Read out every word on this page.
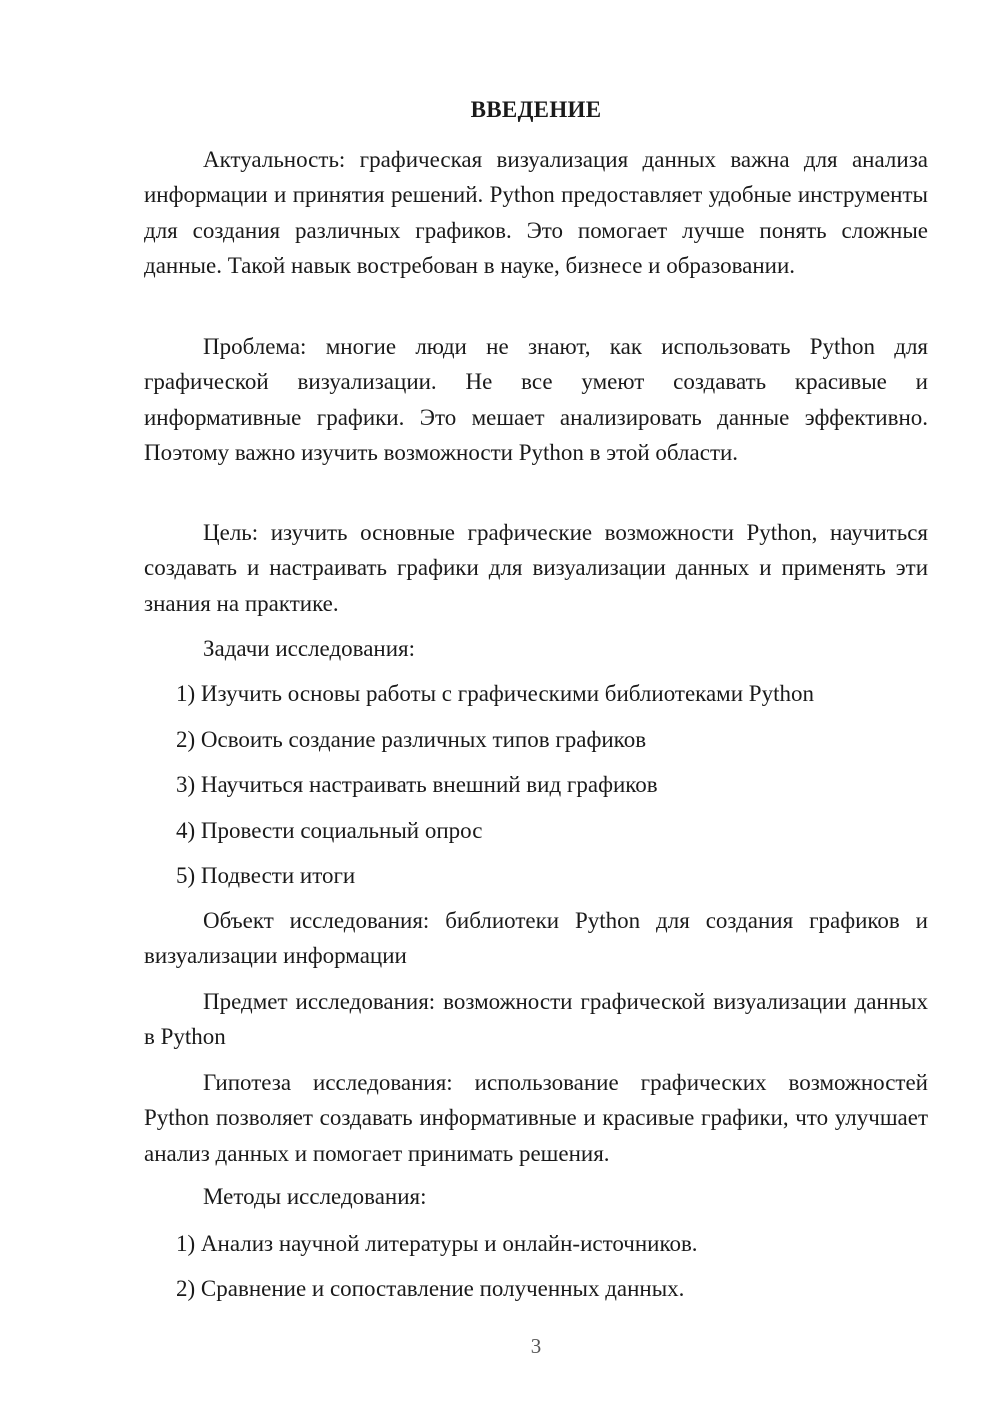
ВВЕДЕНИЕ

Актуальность: графическая визуализация данных важна для анализа информации и принятия решений. Python предоставляет удобные инструменты для создания различных графиков. Это помогает лучше понять сложные данные. Такой навык востребован в науке, бизнесе и образовании.

Проблема: многие люди не знают, как использовать Python для графической визуализации. Не все умеют создавать красивые и информативные графики. Это мешает анализировать данные эффективно. Поэтому важно изучить возможности Python в этой области.

Цель: изучить основные графические возможности Python, научиться создавать и настраивать графики для визуализации данных и применять эти знания на практике.

Задачи исследования:
1) Изучить основы работы с графическими библиотеками Python
2) Освоить создание различных типов графиков
3) Научиться настраивать внешний вид графиков
4) Провести социальный опрос
5) Подвести итоги

Объект исследования: библиотеки Python для создания графиков и визуализации информации

Предмет исследования: возможности графической визуализации данных в Python

Гипотеза исследования: использование графических возможностей Python позволяет создавать информативные и красивые графики, что улучшает анализ данных и помогает принимать решения.

Методы исследования:
1) Анализ научной литературы и онлайн-источников.
2) Сравнение и сопоставление полученных данных.
3
